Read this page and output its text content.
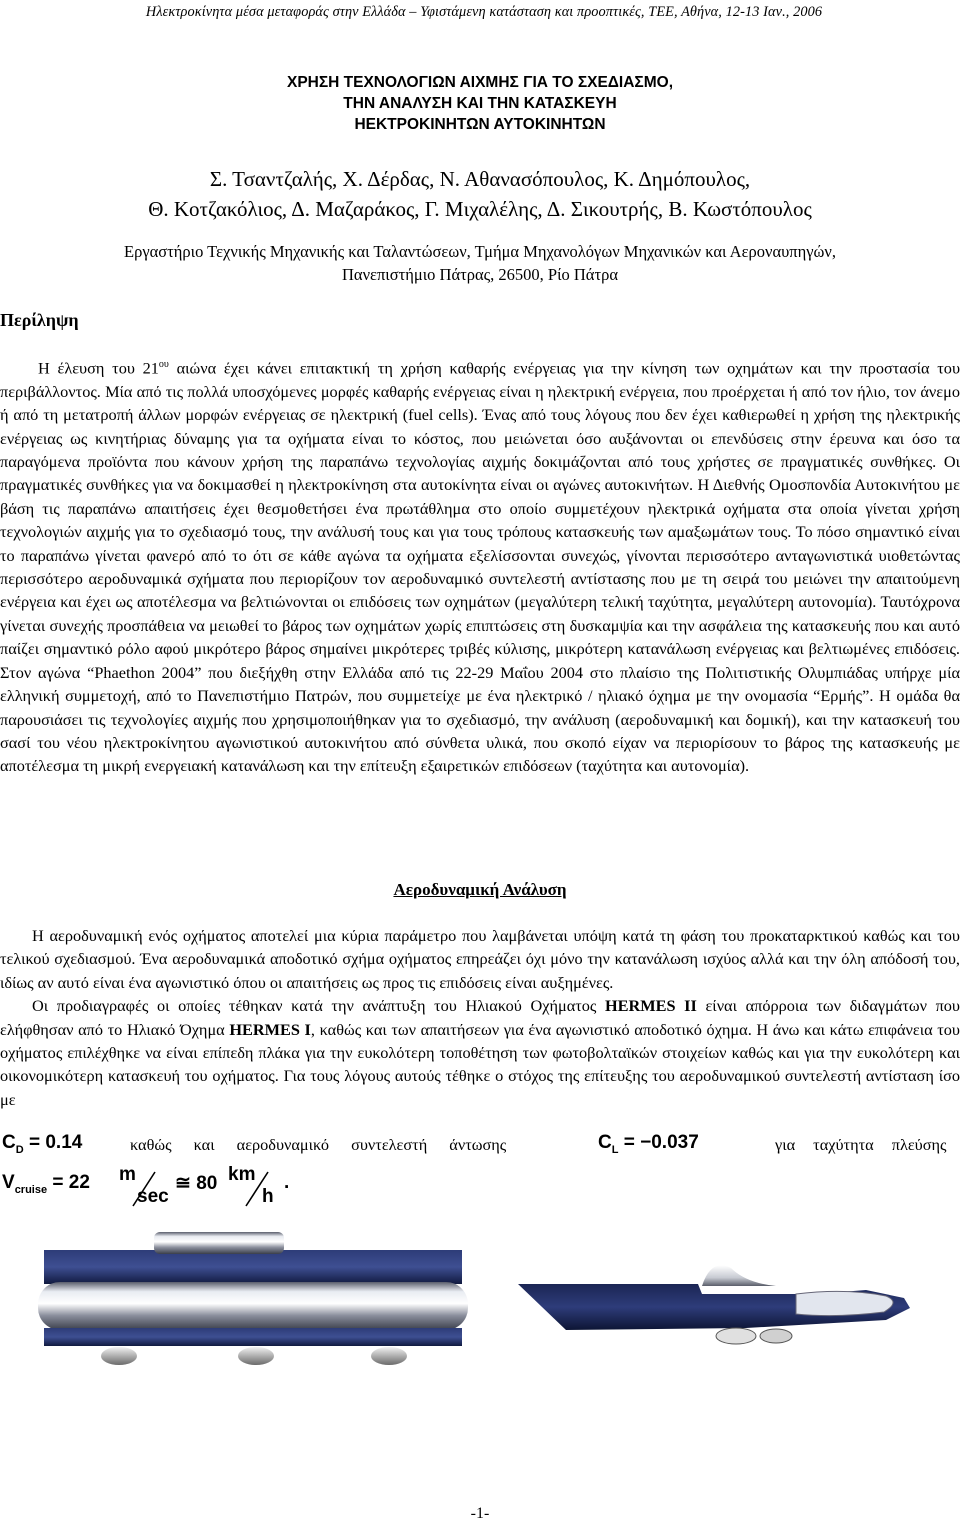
Ηλεκτροκίνητα μέσα μεταφοράς στην Ελλάδα – Υφιστάμενη κατάσταση και προοπτικές, ΤΕΕ, Αθήνα, 12-13 Ιαν., 2006
ΧΡΗΣΗ ΤΕΧΝΟΛΟΓΙΩΝ ΑΙΧΜΗΣ ΓΙΑ ΤΟ ΣΧΕΔΙΑΣΜΟ,
ΤΗΝ ΑΝΑΛΥΣΗ ΚΑΙ ΤΗΝ ΚΑΤΑΣΚΕΥΗ
ΗΕΚΤΡΟΚΙΝΗΤΩΝ ΑΥΤΟΚΙΝΗΤΩΝ
Σ. Τσαντζαλής, Χ. Δέρδας, Ν. Αθανασόπουλος, Κ. Δημόπουλος,
Θ. Κοτζακόλιος, Δ. Μαζαράκος, Γ. Μιχαλέλης, Δ. Σικουτρής, Β. Κωστόπουλος
Εργαστήριο Τεχνικής Μηχανικής και Ταλαντώσεων, Τμήμα Μηχανολόγων Μηχανικών και Αεροναυπηγών,
Πανεπιστήμιο Πάτρας, 26500, Ρίο Πάτρα
Περίληψη
Η έλευση του $21^{o\upsilon}$ αιώνα έχει κάνει επιτακτική τη χρήση καθαρής ενέργειας για την κίνηση των οχημάτων και την προστασία του περιβάλλοντος. Μία από τις πολλά υποσχόμενες μορφές καθαρής ενέργειας είναι η ηλεκτρική ενέργεια, που προέρχεται ή από τον ήλιο, τον άνεμο ή από τη μετατροπή άλλων μορφών ενέργειας σε ηλεκτρική (fuel cells). Ένας από τους λόγους που δεν έχει καθιερωθεί η χρήση της ηλεκτρικής ενέργειας ως κινητήριας δύναμης για τα οχήματα είναι το κόστος, που μειώνεται όσο αυξάνονται οι επενδύσεις στην έρευνα και όσο τα παραγόμενα προϊόντα που κάνουν χρήση της παραπάνω τεχνολογίας αιχμής δοκιμάζονται από τους χρήστες σε πραγματικές συνθήκες. Οι πραγματικές συνθήκες για να δοκιμασθεί η ηλεκτροκίνηση στα αυτοκίνητα είναι οι αγώνες αυτοκινήτων. Η Διεθνής Ομοσπονδία Αυτοκινήτου με βάση τις παραπάνω απαιτήσεις έχει θεσμοθετήσει ένα πρωτάθλημα στο οποίο συμμετέχουν ηλεκτρικά οχήματα στα οποία γίνεται χρήση τεχνολογιών αιχμής για το σχεδιασμό τους, την ανάλυσή τους και για τους τρόπους κατασκευής των αμαξωμάτων τους. Το πόσο σημαντικό είναι το παραπάνω γίνεται φανερό από το ότι σε κάθε αγώνα τα οχήματα εξελίσσονται συνεχώς, γίνονται περισσότερο ανταγωνιστικά υιοθετώντας περισσότερο αεροδυναμικά σχήματα που περιορίζουν τον αεροδυναμικό συντελεστή αντίστασης που με τη σειρά του μειώνει την απαιτούμενη ενέργεια και έχει ως αποτέλεσμα να βελτιώνονται οι επιδόσεις των οχημάτων (μεγαλύτερη τελική ταχύτητα, μεγαλύτερη αυτονομία). Ταυτόχρονα γίνεται συνεχής προσπάθεια να μειωθεί το βάρος των οχημάτων χωρίς επιπτώσεις στη δυσκαμψία και την ασφάλεια της κατασκευής που και αυτό παίζει σημαντικό ρόλο αφού μικρότερο βάρος σημαίνει μικρότερες τριβές κύλισης, μικρότερη κατανάλωση ενέργειας και βελτιωμένες επιδόσεις. Στον αγώνα “Phaethon 2004” που διεξήχθη στην Ελλάδα από τις 22-29 Μαΐου 2004 στο πλαίσιο της Πολιτιστικής Ολυμπιάδας υπήρχε μία ελληνική συμμετοχή, από το Πανεπιστήμιο Πατρών, που συμμετείχε με ένα ηλεκτρικό / ηλιακό όχημα με την ονομασία “Ερμής”. Η ομάδα θα παρουσιάσει τις τεχνολογίες αιχμής που χρησιμοποιήθηκαν για το σχεδιασμό, την ανάλυση (αεροδυναμική και δομική), και την κατασκευή του σασί του νέου ηλεκτροκίνητου αγωνιστικού αυτοκινήτου από σύνθετα υλικά, που σκοπό είχαν να περιορίσουν το βάρος της κατασκευής με αποτέλεσμα τη μικρή ενεργειακή κατανάλωση και την επίτευξη εξαιρετικών επιδόσεων (ταχύτητα και αυτονομία).
Αεροδυναμική Ανάλυση

Η αεροδυναμική ενός οχήματος αποτελεί μια κύρια παράμετρο που λαμβάνεται υπόψη κατά τη φάση του προκαταρκτικού καθώς και του τελικού σχεδιασμού. Ένα αεροδυναμικά αποδοτικό σχήμα οχήματος επηρεάζει όχι μόνο την κατανάλωση ισχύος αλλά και την όλη απόδοσή του, ιδίως αν αυτό είναι ένα αγωνιστικό όπου οι απαιτήσεις ως προς τις επιδόσεις είναι αυξημένες.

Οι προδιαγραφές οι οποίες τέθηκαν κατά την ανάπτυξη του Ηλιακού Οχήματος HERMES II είναι απόρροια των διδαγμάτων που ελήφθησαν από το Ηλιακό Όχημα HERMES I, καθώς και των απαιτήσεων για ένα αγωνιστικό αποδοτικό όχημα. Η άνω και κάτω επιφάνεια του οχήματος επιλέχθηκε να είναι επίπεδη πλάκα για την ευκολότερη τοποθέτηση των φωτοβολταϊκών στοιχείων καθώς και για την ευκολότερη και οικονομικότερη κατασκευή του οχήματος. Για τους λόγους αυτούς τέθηκε ο στόχος της επίτευξης του αεροδυναμικού συντελεστή αντίσταση ίσο με

$C_D = 0.14$	καθώς και αεροδυναμικό συντελεστή άντωσης	$C_L = -0.037$	για ταχύτητα πλεύσης
$V_{cruise} = 22$ m
sec
≅ 80 km
h
.
-1-
